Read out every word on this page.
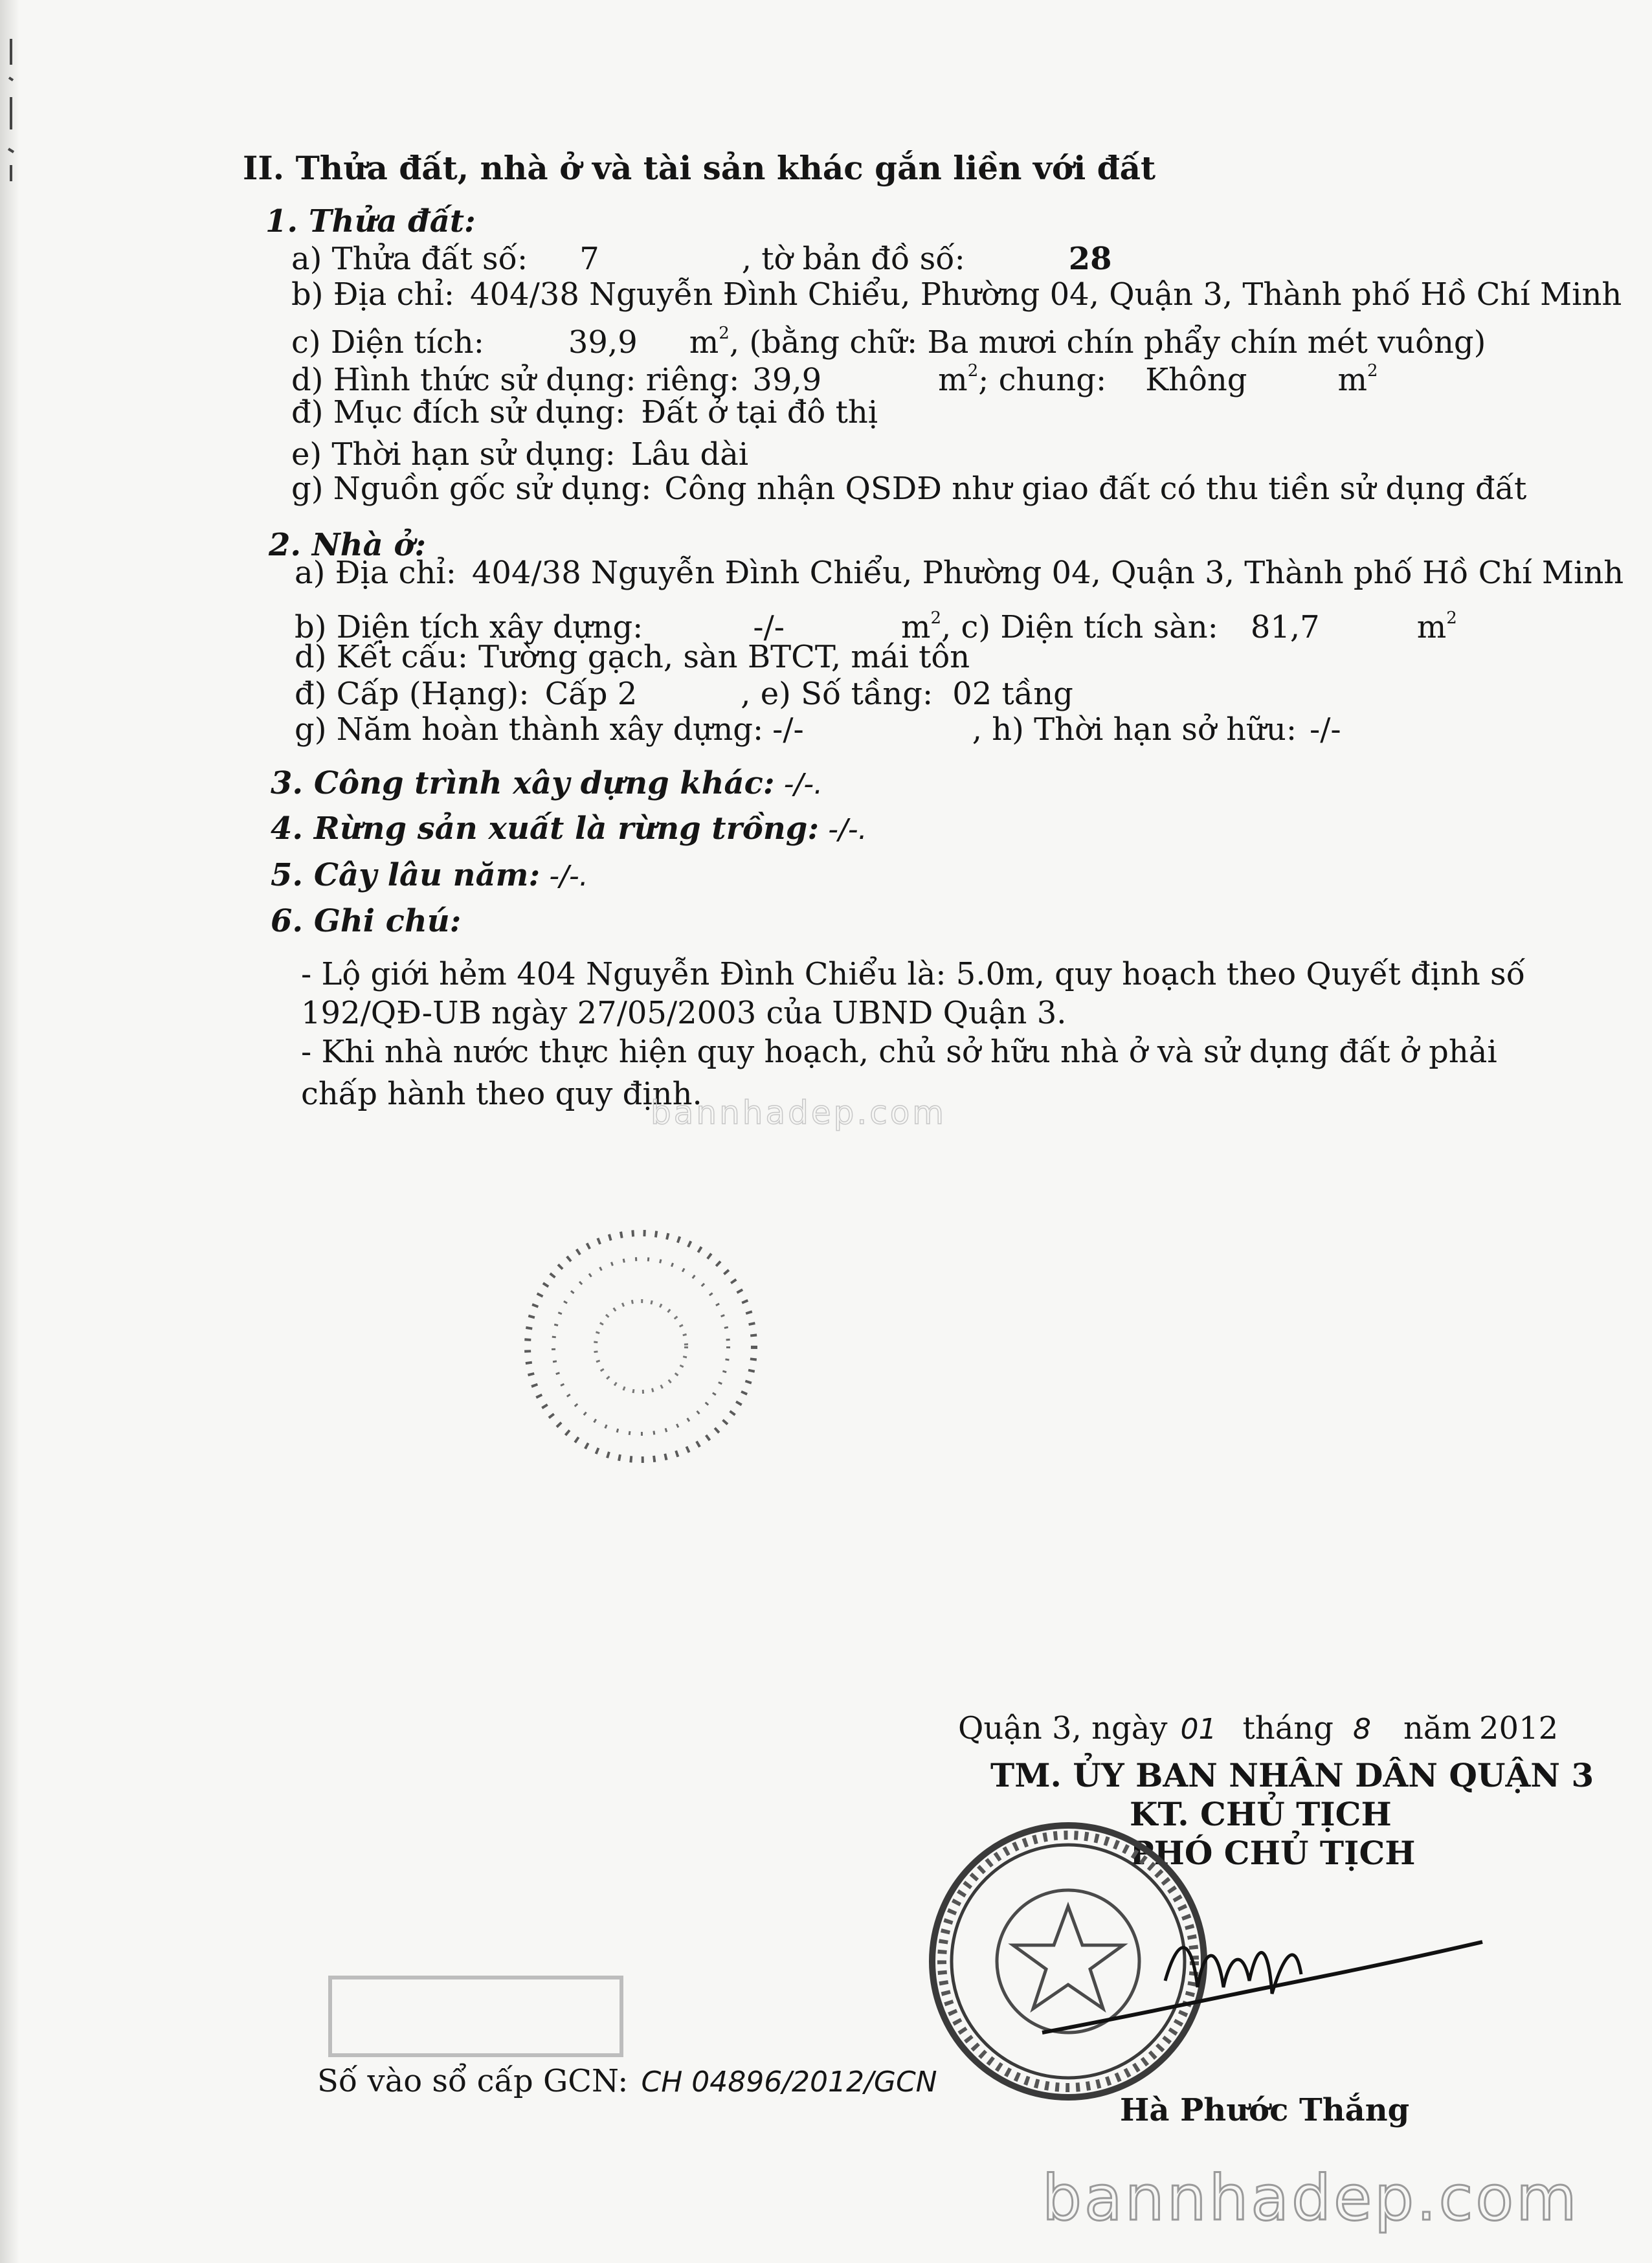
II. Thửa đất, nhà ở và tài sản khác gắn liền với đất
1. Thửa đất:
a) Thửa đất số: 7	, tờ bản đồ số:	28
b) Địa chỉ: 404/38 Nguyễn Đình Chiểu, Phường 04, Quận 3, Thành phố Hồ Chí Minh
c) Diện tích:	39,9 $m^2$, (bằng chữ: Ba mươi chín phẩy chín mét vuông)
d) Hình thức sử dụng: riêng: 39,9	$m^2$; chung: Không	$m^2$
đ) Mục đích sử dụng: Đất ở tại đô thị
e) Thời hạn sử dụng: Lâu dài
g) Nguồn gốc sử dụng: Công nhận QSDĐ như giao đất có thu tiền sử dụng đất
2. Nhà ở:
a) Địa chỉ: 404/38 Nguyễn Đình Chiểu, Phường 04, Quận 3, Thành phố Hồ Chí Minh
b) Diện tích xây dựng:	-/-	$m^2$, c) Diện tích sàn: 81,7	$m^2$
d) Kết cấu: Tường gạch, sàn BTCT, mái tôn
đ) Cấp (Hạng): Cấp 2	, e) Số tầng: 02 tầng
g) Năm hoàn thành xây dựng: -/-	, h) Thời hạn sở hữu: -/-
3. Công trình xây dựng khác: -/-.
4. Rừng sản xuất là rừng trồng: -/-.
5. Cây lâu năm: -/-.
6. Ghi chú:
- Lộ giới hẻm 404 Nguyễn Đình Chiểu là: 5.0m, quy hoạch theo Quyết định số
192/QĐ-UB ngày 27/05/2003 của UBND Quận 3.
- Khi nhà nước thực hiện quy hoạch, chủ sở hữu nhà ở và sử dụng đất ở phải
chấp hành theo quy định.
bannhadep.com
Quận 3, ngày 01 tháng 8 năm 2012
TM. ỦY BAN NHÂN DÂN QUẬN 3
KT. CHỦ TỊCH
PHÓ CHỦ TỊCH
Hà Phước Thắng
Số vào sổ cấp GCN: CH 04896/2012/GCN
bannhadep.com
